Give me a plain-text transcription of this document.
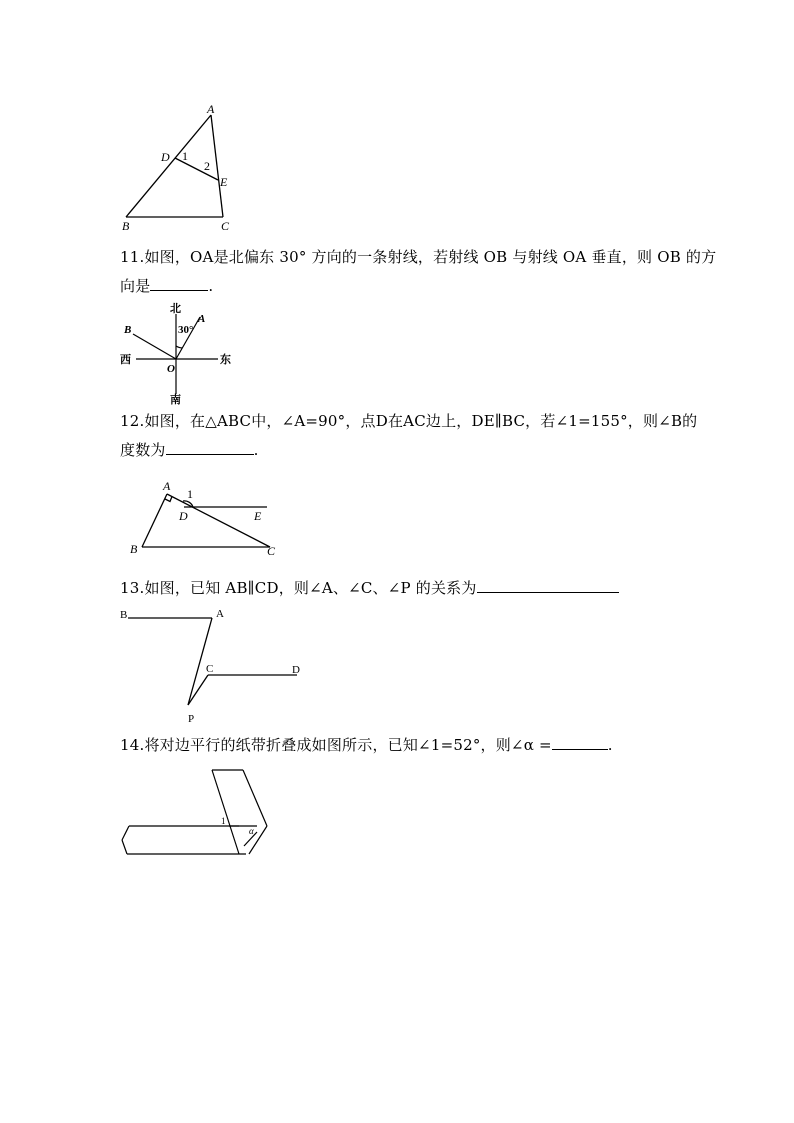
A
D 1
2
E
B	C
11.如图，OA是北偏东 30° 方向的一条射线，若射线 OB 与射线 OA 垂直，则 OB 的方
向是	.
北
西	东
南
B
A
30°
O
12.如图，在△ABC中，∠A=90°，点D在AC边上，DE∥BC，若∠1=155°，则∠B的
度数为	.
A
1
D	E
B	C
13.如图，已知 AB∥CD，则∠A、∠C、∠P 的关系为
B	A
C	D
P
14.将对边平行的纸带折叠成如图所示，已知∠1=52°，则∠α =	.
1
α
